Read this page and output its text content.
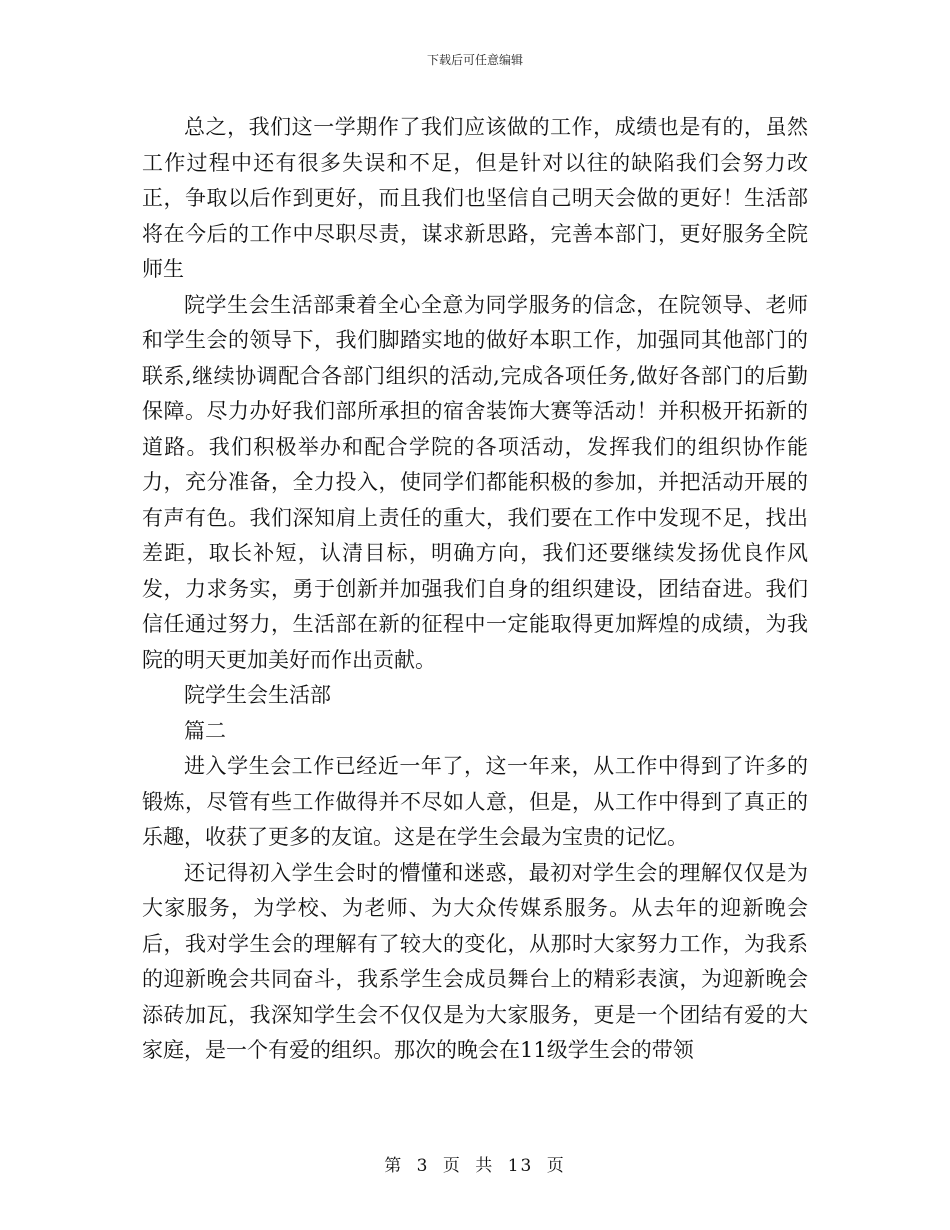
下载后可任意编辑

总之，我们这一学期作了我们应该做的工作，成绩也是有的，虽然工作过程中还有很多失误和不足，但是针对以往的缺陷我们会努力改正，争取以后作到更好，而且我们也坚信自己明天会做的更好！生活部将在今后的工作中尽职尽责，谋求新思路，完善本部门，更好服务全院师生

院学生会生活部秉着全心全意为同学服务的信念，在院领导、老师和学生会的领导下，我们脚踏实地的做好本职工作，加强同其他部门的联系,继续协调配合各部门组织的活动,完成各项任务,做好各部门的后勤保障。尽力办好我们部所承担的宿舍装饰大赛等活动！并积极开拓新的道路。我们积极举办和配合学院的各项活动，发挥我们的组织协作能力，充分准备，全力投入，使同学们都能积极的参加，并把活动开展的有声有色。我们深知肩上责任的重大，我们要在工作中发现不足，找出差距，取长补短，认清目标，明确方向，我们还要继续发扬优良作风发，力求务实，勇于创新并加强我们自身的组织建设，团结奋进。我们信任通过努力，生活部在新的征程中一定能取得更加辉煌的成绩，为我院的明天更加美好而作出贡献。

院学生会生活部

篇二

进入学生会工作已经近一年了，这一年来，从工作中得到了许多的锻炼，尽管有些工作做得并不尽如人意，但是，从工作中得到了真正的乐趣，收获了更多的友谊。这是在学生会最为宝贵的记忆。

还记得初入学生会时的懵懂和迷惑，最初对学生会的理解仅仅是为大家服务，为学校、为老师、为大众传媒系服务。从去年的迎新晚会后，我对学生会的理解有了较大的变化，从那时大家努力工作，为我系的迎新晚会共同奋斗，我系学生会成员舞台上的精彩表演，为迎新晚会添砖加瓦，我深知学生会不仅仅是为大家服务，更是一个团结有爱的大家庭，是一个有爱的组织。那次的晚会在11级学生会的带领

第 3 页 共 13 页
